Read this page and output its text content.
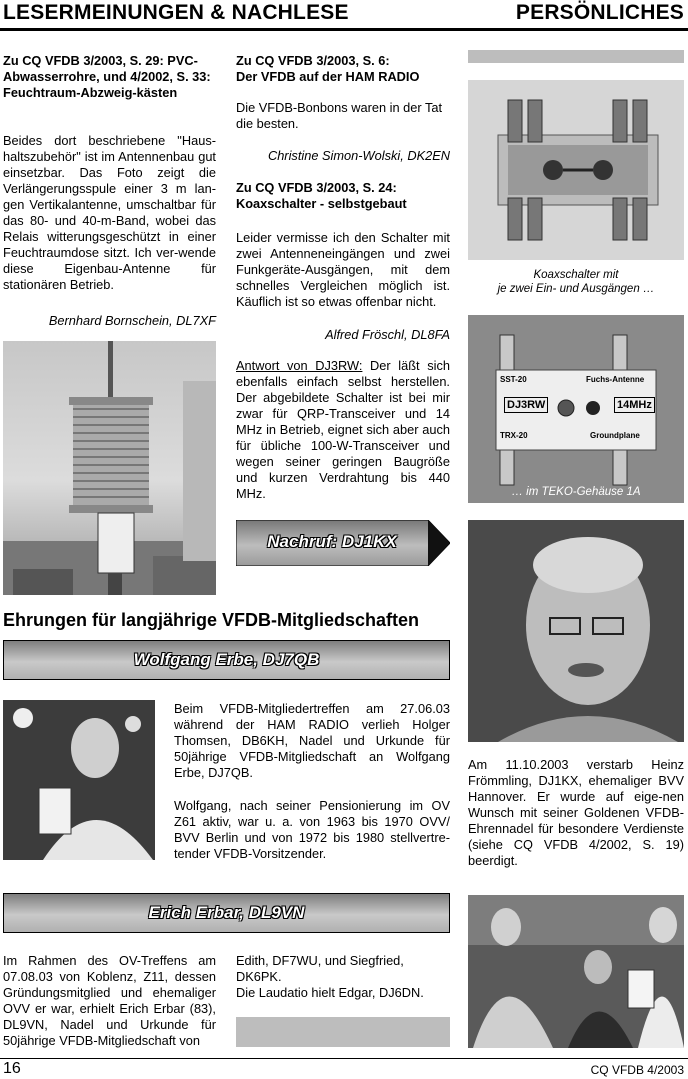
LESERMEINUNGEN & NACHLESE	PERSÖNLICHES
Zu CQ VFDB 3/2003, S. 29: PVC-Abwasserrohre, und 4/2002, S. 33: Feuchtraum-Abzweig-kästen
Beides dort beschriebene "Haus-haltszubehör" ist im Antennenbau gut einsetzbar. Das Foto zeigt die Verlängerungsspule einer 3 m lan-gen Vertikalantenne, umschaltbar für das 80- und 40-m-Band, wobei das Relais witterungsgeschützt in einer Feuchtraumdose sitzt. Ich ver-wende diese Eigenbau-Antenne für stationären Betrieb.
Bernhard Bornschein, DL7XF
Zu CQ VFDB 3/2003, S. 6:
Der VFDB auf der HAM RADIO
Die VFDB-Bonbons waren in der Tat die besten.
Christine Simon-Wolski, DK2EN
Zu CQ VFDB 3/2003, S. 24:
Koaxschalter - selbstgebaut
Leider vermisse ich den Schalter mit zwei Antenneneingängen und zwei Funkgeräte-Ausgängen, mit dem schnelles Vergleichen möglich ist. Käuflich ist so etwas offenbar nicht.
Alfred Fröschl, DL8FA
Antwort von DJ3RW: Der läßt sich ebenfalls einfach selbst herstellen. Der abgebildete Schalter ist bei mir zwar für QRP-Transceiver und 14 MHz in Betrieb, eignet sich aber auch für übliche 100-W-Transceiver und wegen seiner geringen Baugröße und kurzen Verdrahtung bis 440 MHz.
Nachruf: DJ1KX
Koaxschalter mit
je zwei Ein- und Ausgängen …
SST-20	Fuchs-Antenne
DJ3RW	14MHz
TRX-20	Groundplane
… im TEKO-Gehäuse 1A
Am 11.10.2003 verstarb Heinz Frömmling, DJ1KX, ehemaliger BVV Hannover. Er wurde auf eige-nen Wunsch mit seiner Goldenen VFDB-Ehrennadel für besondere Verdienste (siehe CQ VFDB 4/2002, S. 19) beerdigt.
Ehrungen für langjährige VFDB-Mitgliedschaften
Wolfgang Erbe, DJ7QB
Beim VFDB-Mitgliedertreffen am 27.06.03 während der HAM RADIO verlieh Holger Thomsen, DB6KH, Nadel und Urkunde für 50jährige VFDB-Mitgliedschaft an Wolfgang Erbe, DJ7QB.
Wolfgang, nach seiner Pensionierung im OV Z61 aktiv, war u. a. von 1963 bis 1970 OVV/ BVV Berlin und von 1972 bis 1980 stellvertre-tender VFDB-Vorsitzender.
Erich Erbar, DL9VN
Im Rahmen des OV-Treffens am 07.08.03 von Koblenz, Z11, dessen Gründungsmitglied und ehemaliger OVV er war, erhielt Erich Erbar (83), DL9VN, Nadel und Urkunde für 50jährige VFDB-Mitgliedschaft von
Edith, DF7WU, und Siegfried, DK6PK.
Die Laudatio hielt Edgar, DJ6DN.
16	CQ VFDB 4/2003
